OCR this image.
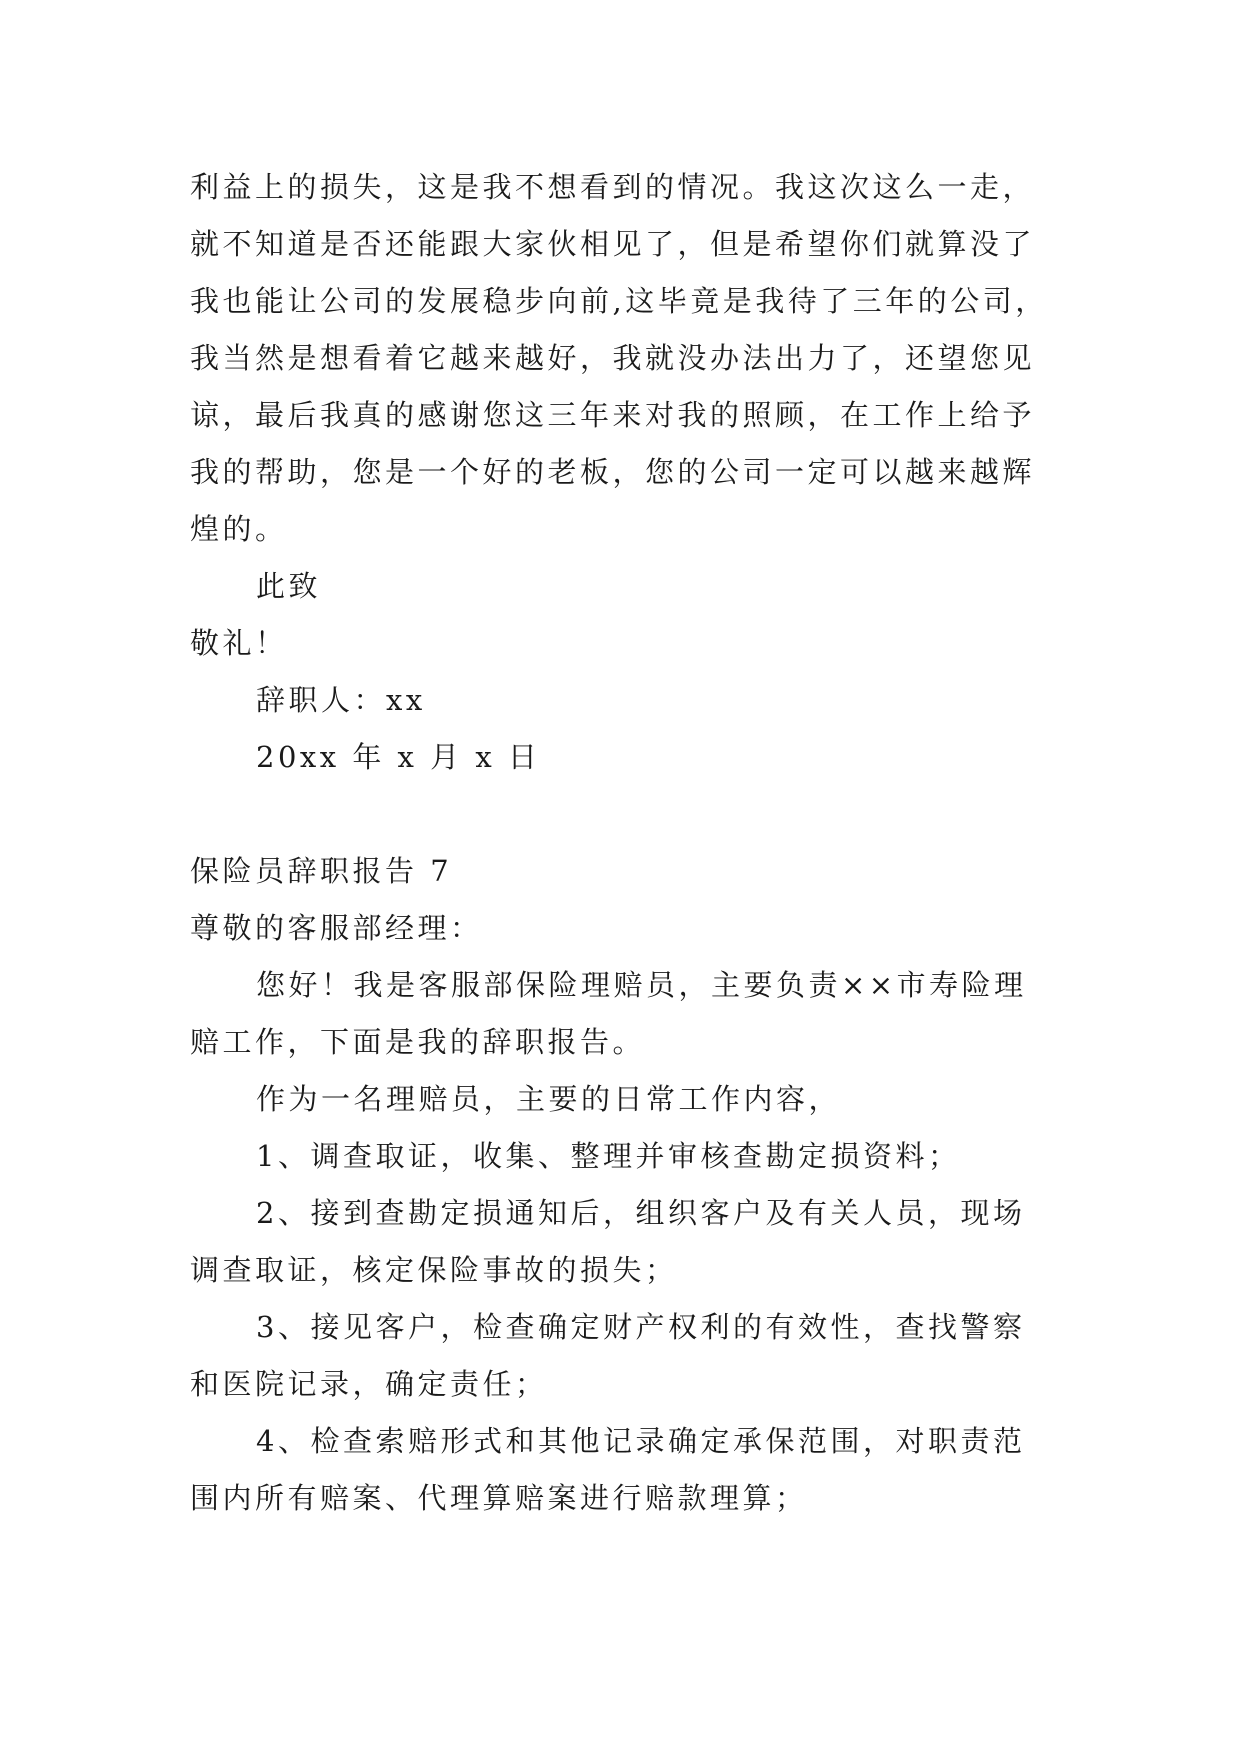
利益上的损失，这是我不想看到的情况。我这次这么一走，
就不知道是否还能跟大家伙相见了，但是希望你们就算没了
我也能让公司的发展稳步向前,这毕竟是我待了三年的公司，
我当然是想看着它越来越好，我就没办法出力了，还望您见
谅，最后我真的感谢您这三年来对我的照顾，在工作上给予
我的帮助，您是一个好的老板，您的公司一定可以越来越辉
煌的。
此致
敬礼！
辞职人：xx
20xx 年 x 月 x 日
保险员辞职报告 7
尊敬的客服部经理：
您好！我是客服部保险理赔员，主要负责××市寿险理
赔工作，下面是我的辞职报告。
作为一名理赔员，主要的日常工作内容，
1、调查取证，收集、整理并审核查勘定损资料；
2、接到查勘定损通知后，组织客户及有关人员，现场
调查取证，核定保险事故的损失；
3、接见客户，检查确定财产权利的有效性，查找警察
和医院记录，确定责任；
4、检查索赔形式和其他记录确定承保范围，对职责范
围内所有赔案、代理算赔案进行赔款理算；
